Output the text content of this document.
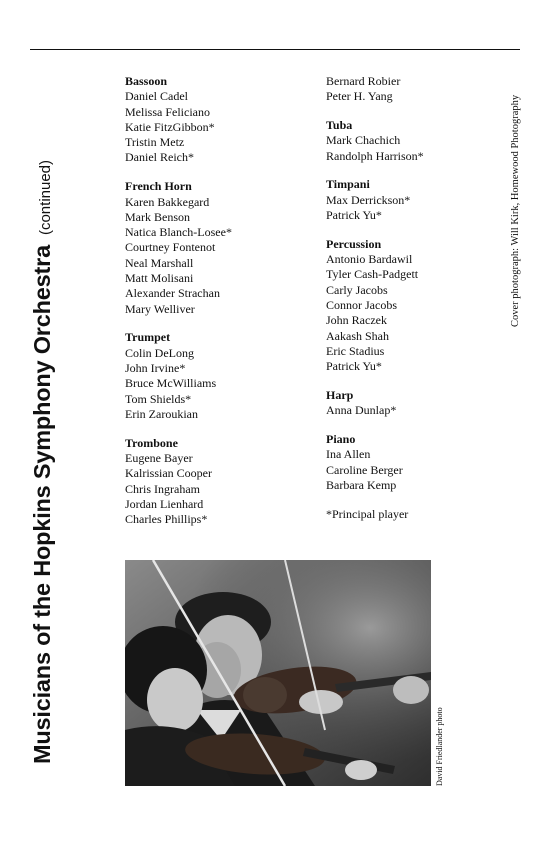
Musicians of the Hopkins Symphony Orchestra
(continued)	Cover photograph: Will Kirk, Homewood Photography
Bassoon
Daniel Cadel
Melissa Feliciano
Katie FitzGibbon*
Tristin Metz
Daniel Reich*
French Horn
Karen Bakkegard
Mark Benson
Natica Blanch-Losee*
Courtney Fontenot
Neal Marshall
Matt Molisani
Alexander Strachan
Mary Welliver
Trumpet
Colin DeLong
John Irvine*
Bruce McWilliams
Tom Shields*
Erin Zaroukian
Trombone
Eugene Bayer
Kalrissian Cooper
Chris Ingraham
Jordan Lienhard
Charles Phillips*
Bernard Robier
Peter H. Yang
Tuba
Mark Chachich
Randolph Harrison*
Timpani
Max Derrickson*
Patrick Yu*
Percussion
Antonio Bardawil
Tyler Cash-Padgett
Carly Jacobs
Connor Jacobs
John Raczek
Aakash Shah
Eric Stadius
Patrick Yu*
Harp
Anna Dunlap*
Piano
Ina Allen
Caroline Berger
Barbara Kemp
*Principal player
David Friedlander photo
